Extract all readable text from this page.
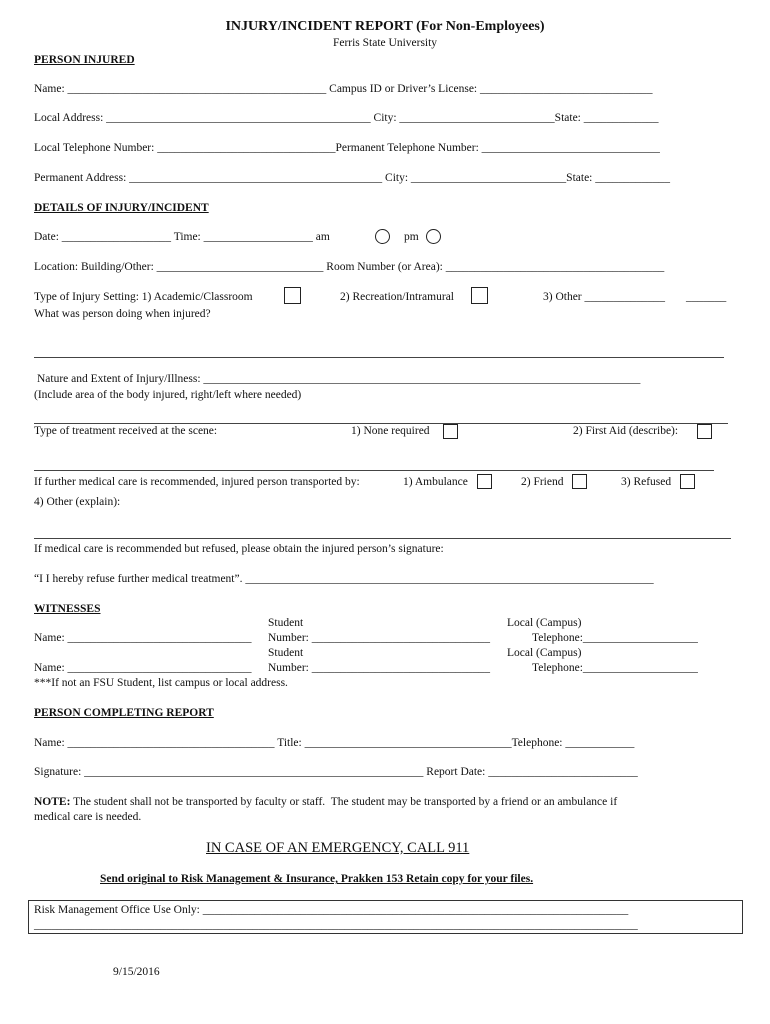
INJURY/INCIDENT REPORT (For Non-Employees)
Ferris State University
PERSON INJURED
Name: _____________________________________________ Campus ID or Driver’s License: ______________________________
Local Address: ______________________________________________ City: ___________________________State: _____________
Local Telephone Number: _______________________________Permanent Telephone Number: _______________________________
Permanent Address: ____________________________________________ City: ___________________________State: _____________
DETAILS OF INJURY/INCIDENT
Date: ___________________ Time: ___________________ am	pm
Location: Building/Other: _____________________________ Room Number (or Area): ______________________________________
Type of Injury Setting: 1) Academic/Classroom	2) Recreation/Intramural	3) Other ______________ _______
What was person doing when injured?
Nature and Extent of Injury/Illness: ____________________________________________________________________________
(Include area of the body injured, right/left where needed)
Type of treatment received at the scene:	1) None required	2) First Aid (describe):
If further medical care is recommended, injured person transported by:	1) Ambulance	2) Friend	3) Refused
4) Other (explain):
If medical care is recommended but refused, please obtain the injured person’s signature:
“I I hereby refuse further medical treatment”. _______________________________________________________________________
WITNESSES
Student	Local (Campus)
Name: ________________________________ Number: _______________________________	Telephone:____________________
Student	Local (Campus)
Name: ________________________________ Number: _______________________________	Telephone:____________________
***If not an FSU Student, list campus or local address.
PERSON COMPLETING REPORT
Name: ____________________________________ Title: ____________________________________Telephone: ____________
Signature: ___________________________________________________________ Report Date: __________________________
NOTE: The student shall not be transported by faculty or staff.  The student may be transported by a friend or an ambulance if
medical care is needed.
IN CASE OF AN EMERGENCY, CALL 911
Send original to Risk Management & Insurance, Prakken 153 Retain copy for your files.
Risk Management Office Use Only: __________________________________________________________________________
_________________________________________________________________________________________________________
9/15/2016
